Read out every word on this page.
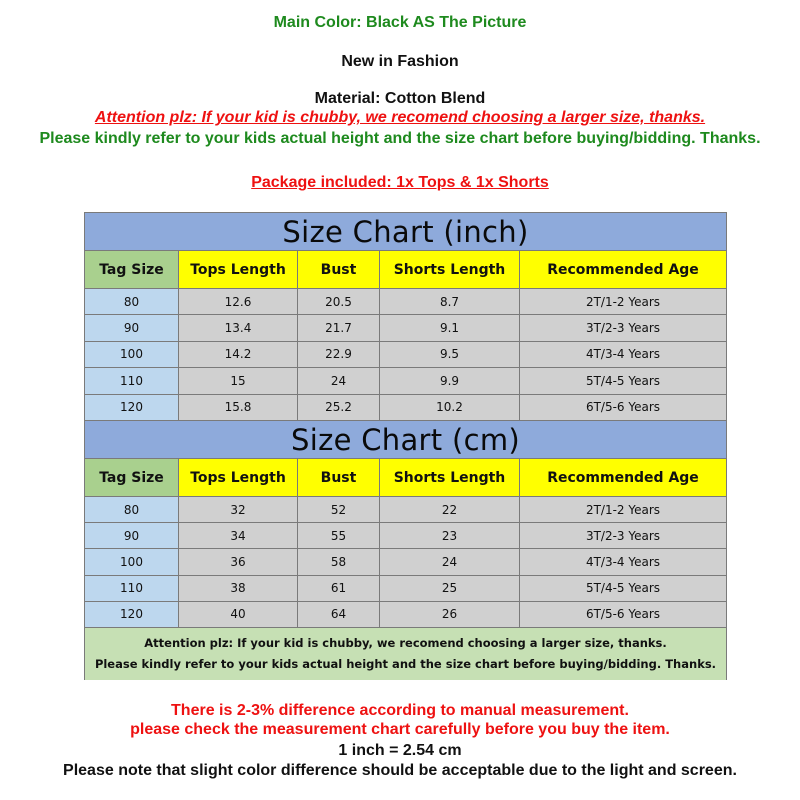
Main Color: Black AS The Picture
New in Fashion
Material: Cotton Blend
Attention plz: If your kid is chubby, we recomend choosing a larger size, thanks.
Please kindly refer to your kids actual height and the size chart before buying/bidding. Thanks.
Package included: 1x Tops & 1x Shorts
Size Chart (inch)
Tag Size	Tops Length	Bust	Shorts Length	Recommended Age
80	12.6	20.5	8.7	2T/1-2 Years
90	13.4	21.7	9.1	3T/2-3 Years
100	14.2	22.9	9.5	4T/3-4 Years
110	15	24	9.9	5T/4-5 Years
120	15.8	25.2	10.2	6T/5-6 Years
Size Chart (cm)
Tag Size	Tops Length	Bust	Shorts Length	Recommended Age
80	32	52	22	2T/1-2 Years
90	34	55	23	3T/2-3 Years
100	36	58	24	4T/3-4 Years
110	38	61	25	5T/4-5 Years
120	40	64	26	6T/5-6 Years
Attention plz: If your kid is chubby, we recomend choosing a larger size, thanks.
Please kindly refer to your kids actual height and the size chart before buying/bidding. Thanks.
There is 2-3% difference according to manual measurement.
please check the measurement chart carefully before you buy the item.
1 inch = 2.54 cm
Please note that slight color difference should be acceptable due to the light and screen.
